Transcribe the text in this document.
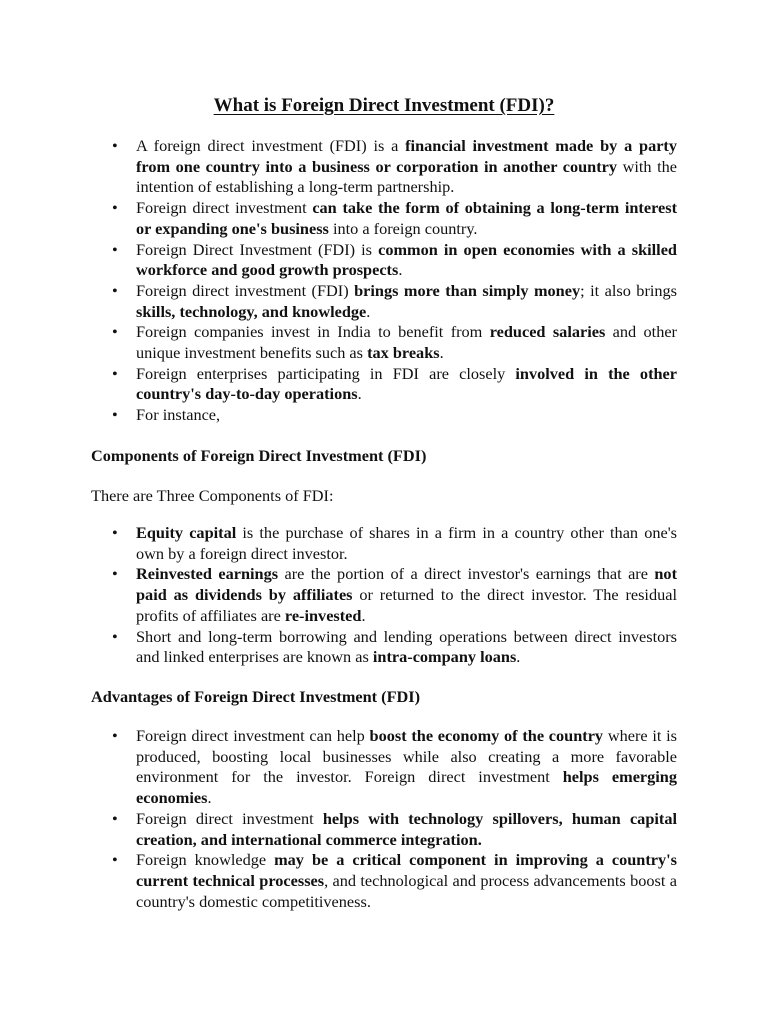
What is Foreign Direct Investment (FDI)?
• A foreign direct investment (FDI) is a financial investment made by a party from one country into a business or corporation in another country with the intention of establishing a long-term partnership.
• Foreign direct investment can take the form of obtaining a long-term interest or expanding one's business into a foreign country.
• Foreign Direct Investment (FDI) is common in open economies with a skilled workforce and good growth prospects.
• Foreign direct investment (FDI) brings more than simply money; it also brings skills, technology, and knowledge.
• Foreign companies invest in India to benefit from reduced salaries and other unique investment benefits such as tax breaks.
• Foreign enterprises participating in FDI are closely involved in the other country's day-to-day operations.
• For instance,

Components of Foreign Direct Investment (FDI)

There are Three Components of FDI:

• Equity capital is the purchase of shares in a firm in a country other than one's own by a foreign direct investor.
• Reinvested earnings are the portion of a direct investor's earnings that are not paid as dividends by affiliates or returned to the direct investor. The residual profits of affiliates are re-invested.
• Short and long-term borrowing and lending operations between direct investors and linked enterprises are known as intra-company loans.

Advantages of Foreign Direct Investment (FDI)

• Foreign direct investment can help boost the economy of the country where it is produced, boosting local businesses while also creating a more favorable environment for the investor. Foreign direct investment helps emerging economies.
• Foreign direct investment helps with technology spillovers, human capital creation, and international commerce integration.
• Foreign knowledge may be a critical component in improving a country's current technical processes, and technological and process advancements boost a country's domestic competitiveness.
